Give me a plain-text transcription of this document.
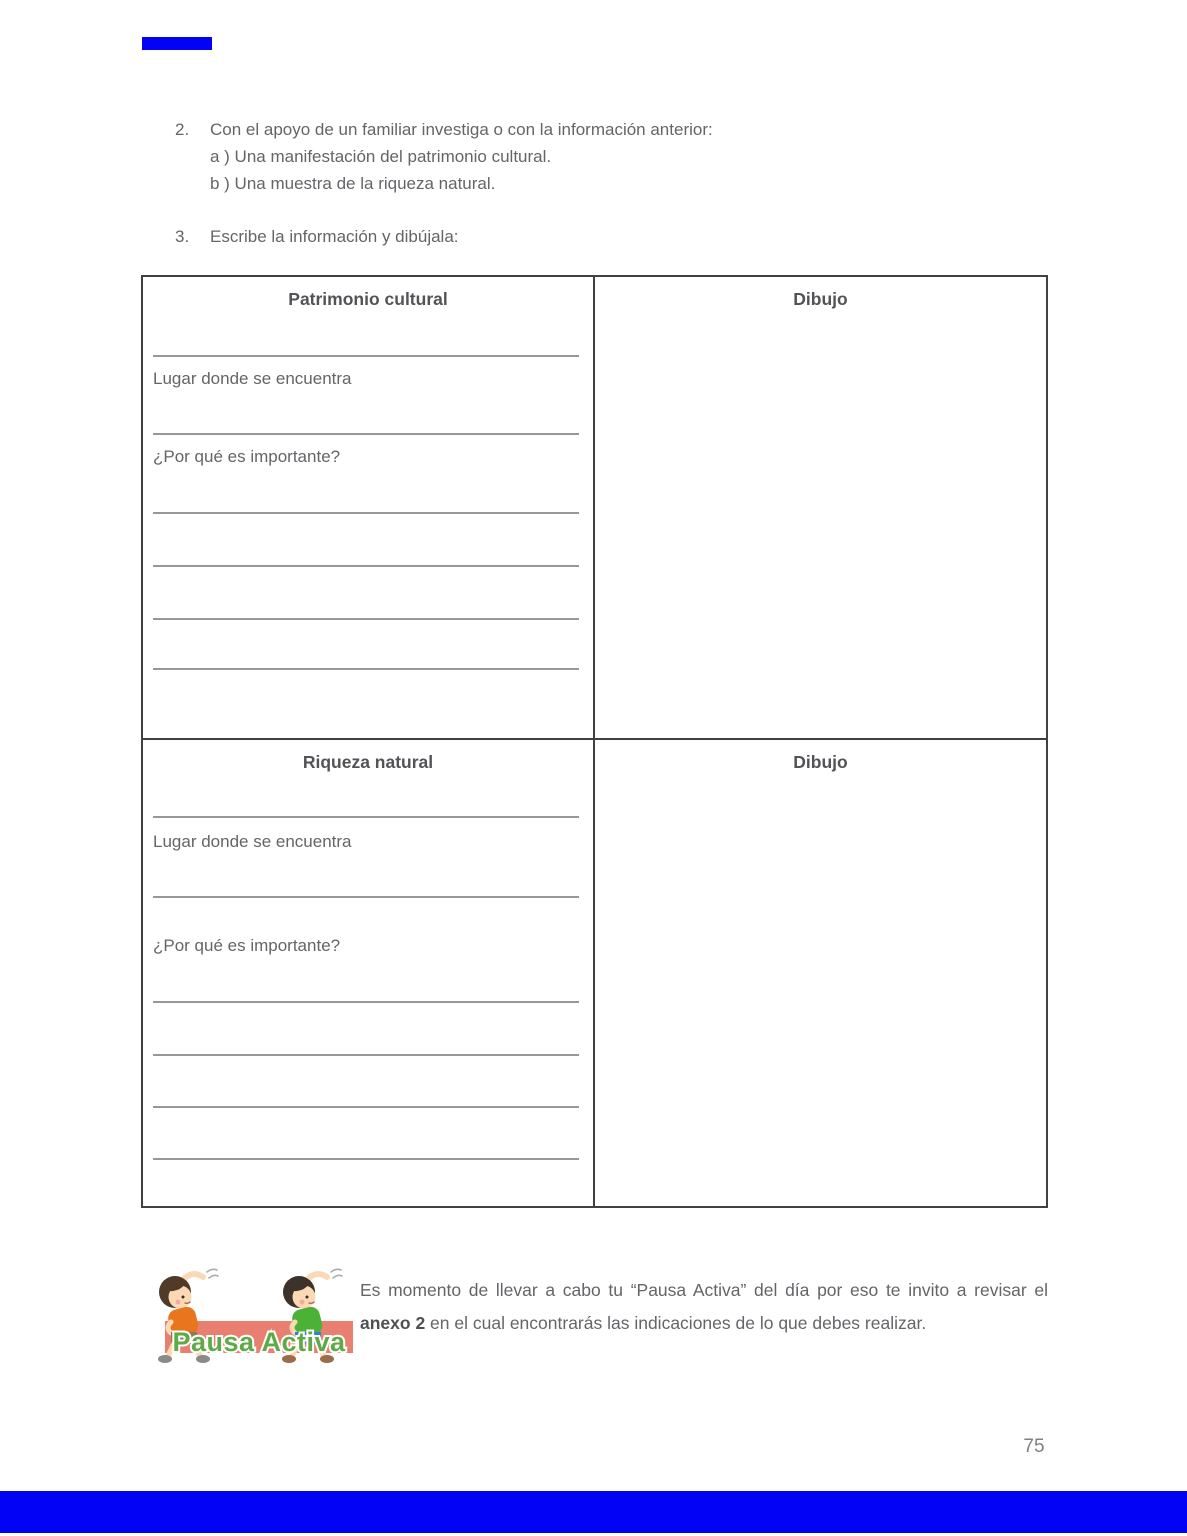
2.	Con el apoyo de un familiar investiga o con la información anterior:
a ) Una manifestación del patrimonio cultural.
b ) Una muestra de la riqueza natural.
3.	Escribe la información y dibújala:
Patrimonio cultural
Lugar donde se encuentra
¿Por qué es importante?
Dibujo
Riqueza natural
Lugar donde se encuentra
¿Por qué es importante?
Dibujo
Pausa Activa

Es momento de llevar a cabo tu “Pausa Activa” del día por eso te invito a revisar el anexo 2 en el cual encontrarás las indicaciones de lo que debes realizar.

75
